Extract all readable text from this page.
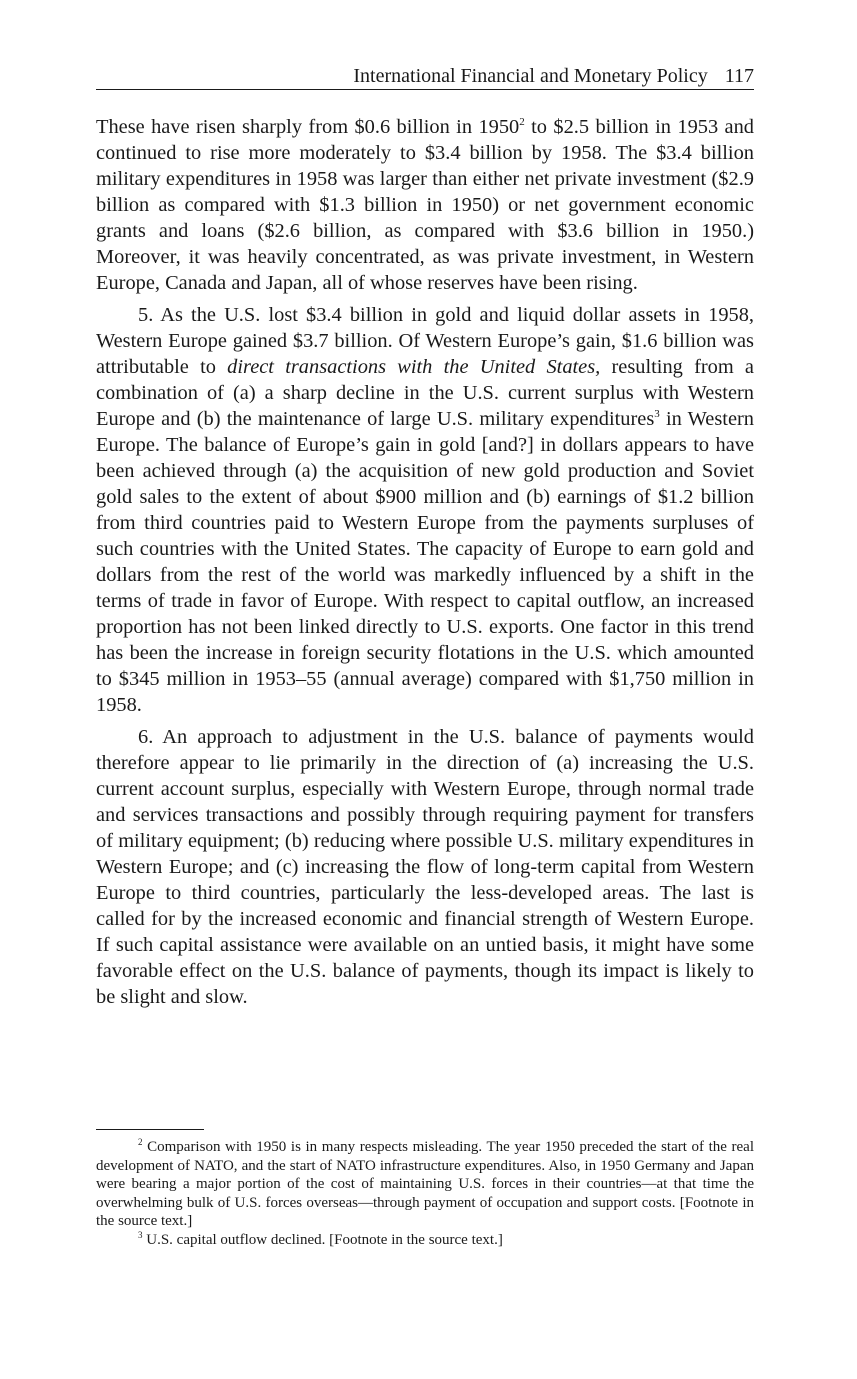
International Financial and Monetary Policy 117

These have risen sharply from $0.6 billion in 1950$^2$ to $2.5 billion in 1953 and continued to rise more moderately to $3.4 billion by 1958. The $3.4 billion military expenditures in 1958 was larger than either net private investment ($2.9 billion as compared with $1.3 billion in 1950) or net government economic grants and loans ($2.6 billion, as compared with $3.6 billion in 1950.) Moreover, it was heavily concentrated, as was private investment, in Western Europe, Canada and Japan, all of whose reserves have been rising.

5. As the U.S. lost $3.4 billion in gold and liquid dollar assets in 1958, Western Europe gained $3.7 billion. Of Western Europe’s gain, $1.6 billion was attributable to direct transactions with the United States, resulting from a combination of (a) a sharp decline in the U.S. current surplus with Western Europe and (b) the maintenance of large U.S. military expenditures$^3$ in Western Europe. The balance of Europe’s gain in gold [and?] in dollars appears to have been achieved through (a) the acquisition of new gold production and Soviet gold sales to the extent of about $900 million and (b) earnings of $1.2 billion from third countries paid to Western Europe from the payments surpluses of such countries with the United States. The capacity of Europe to earn gold and dollars from the rest of the world was markedly influenced by a shift in the terms of trade in favor of Europe. With respect to capital outflow, an increased proportion has not been linked directly to U.S. exports. One factor in this trend has been the increase in foreign security flotations in the U.S. which amounted to $345 million in 1953–55 (annual average) compared with $1,750 million in 1958.

6. An approach to adjustment in the U.S. balance of payments would therefore appear to lie primarily in the direction of (a) increasing the U.S. current account surplus, especially with Western Europe, through normal trade and services transactions and possibly through requiring payment for transfers of military equipment; (b) reducing where possible U.S. military expenditures in Western Europe; and (c) increasing the flow of long-term capital from Western Europe to third countries, particularly the less-developed areas. The last is called for by the increased economic and financial strength of Western Europe. If such capital assistance were available on an untied basis, it might have some favorable effect on the U.S. balance of payments, though its impact is likely to be slight and slow.

$^2$ Comparison with 1950 is in many respects misleading. The year 1950 preceded the start of the real development of NATO, and the start of NATO infrastructure expenditures. Also, in 1950 Germany and Japan were bearing a major portion of the cost of maintaining U.S. forces in their countries—at that time the overwhelming bulk of U.S. forces overseas—through payment of occupation and support costs. [Footnote in the source text.]

$^3$ U.S. capital outflow declined. [Footnote in the source text.]
